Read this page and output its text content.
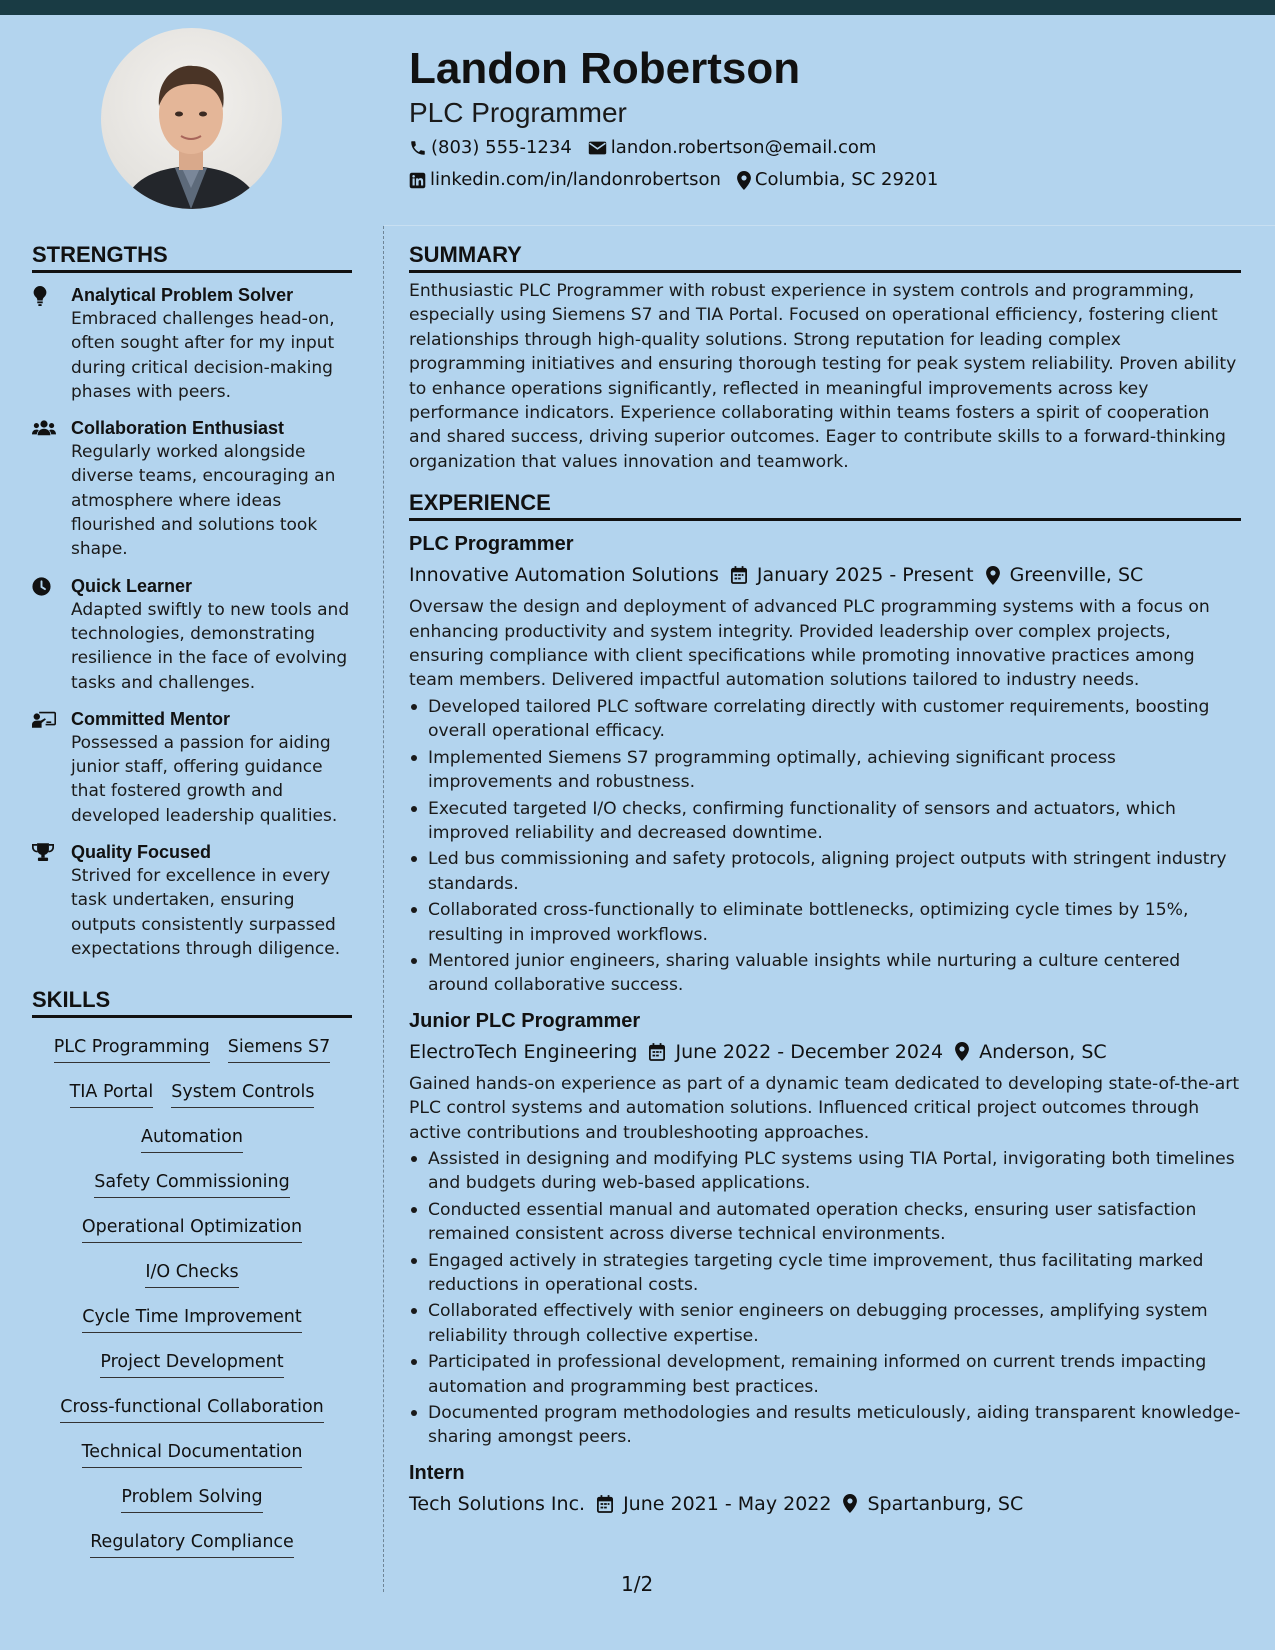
Landon Robertson
PLC Programmer
(803) 555-1234 landon.robertson@email.com
linkedin.com/in/landonrobertson Columbia, SC 29201
STRENGTHS
Analytical Problem Solver
Embraced challenges head-on, often sought after for my input during critical decision-making phases with peers.
Collaboration Enthusiast
Regularly worked alongside diverse teams, encouraging an atmosphere where ideas flourished and solutions took shape.
Quick Learner
Adapted swiftly to new tools and technologies, demonstrating resilience in the face of evolving tasks and challenges.
Committed Mentor
Possessed a passion for aiding junior staff, offering guidance that fostered growth and developed leadership qualities.
Quality Focused
Strived for excellence in every task undertaken, ensuring outputs consistently surpassed expectations through diligence.
SKILLS
PLC Programming Siemens S7
TIA Portal System Controls
Automation
Safety Commissioning
Operational Optimization
I/O Checks
Cycle Time Improvement
Project Development
Cross-functional Collaboration
Technical Documentation
Problem Solving
Regulatory Compliance
SUMMARY
Enthusiastic PLC Programmer with robust experience in system controls and programming, especially using Siemens S7 and TIA Portal. Focused on operational efficiency, fostering client relationships through high-quality solutions. Strong reputation for leading complex programming initiatives and ensuring thorough testing for peak system reliability. Proven ability to enhance operations significantly, reflected in meaningful improvements across key performance indicators. Experience collaborating within teams fosters a spirit of cooperation and shared success, driving superior outcomes. Eager to contribute skills to a forward-thinking organization that values innovation and teamwork.
EXPERIENCE
PLC Programmer
Innovative Automation Solutions January 2025 - Present Greenville, SC
Oversaw the design and deployment of advanced PLC programming systems with a focus on enhancing productivity and system integrity. Provided leadership over complex projects, ensuring compliance with client specifications while promoting innovative practices among team members. Delivered impactful automation solutions tailored to industry needs.
Developed tailored PLC software correlating directly with customer requirements, boosting overall operational efficacy.
Implemented Siemens S7 programming optimally, achieving significant process improvements and robustness.
Executed targeted I/O checks, confirming functionality of sensors and actuators, which improved reliability and decreased downtime.
Led bus commissioning and safety protocols, aligning project outputs with stringent industry standards.
Collaborated cross-functionally to eliminate bottlenecks, optimizing cycle times by 15%, resulting in improved workflows.
Mentored junior engineers, sharing valuable insights while nurturing a culture centered around collaborative success.
Junior PLC Programmer
ElectroTech Engineering June 2022 - December 2024 Anderson, SC
Gained hands-on experience as part of a dynamic team dedicated to developing state-of-the-art PLC control systems and automation solutions. Influenced critical project outcomes through active contributions and troubleshooting approaches.
Assisted in designing and modifying PLC systems using TIA Portal, invigorating both timelines and budgets during web-based applications.
Conducted essential manual and automated operation checks, ensuring user satisfaction remained consistent across diverse technical environments.
Engaged actively in strategies targeting cycle time improvement, thus facilitating marked reductions in operational costs.
Collaborated effectively with senior engineers on debugging processes, amplifying system reliability through collective expertise.
Participated in professional development, remaining informed on current trends impacting automation and programming best practices.
Documented program methodologies and results meticulously, aiding transparent knowledge-sharing amongst peers.
Intern
Tech Solutions Inc. June 2021 - May 2022 Spartanburg, SC
1/2
